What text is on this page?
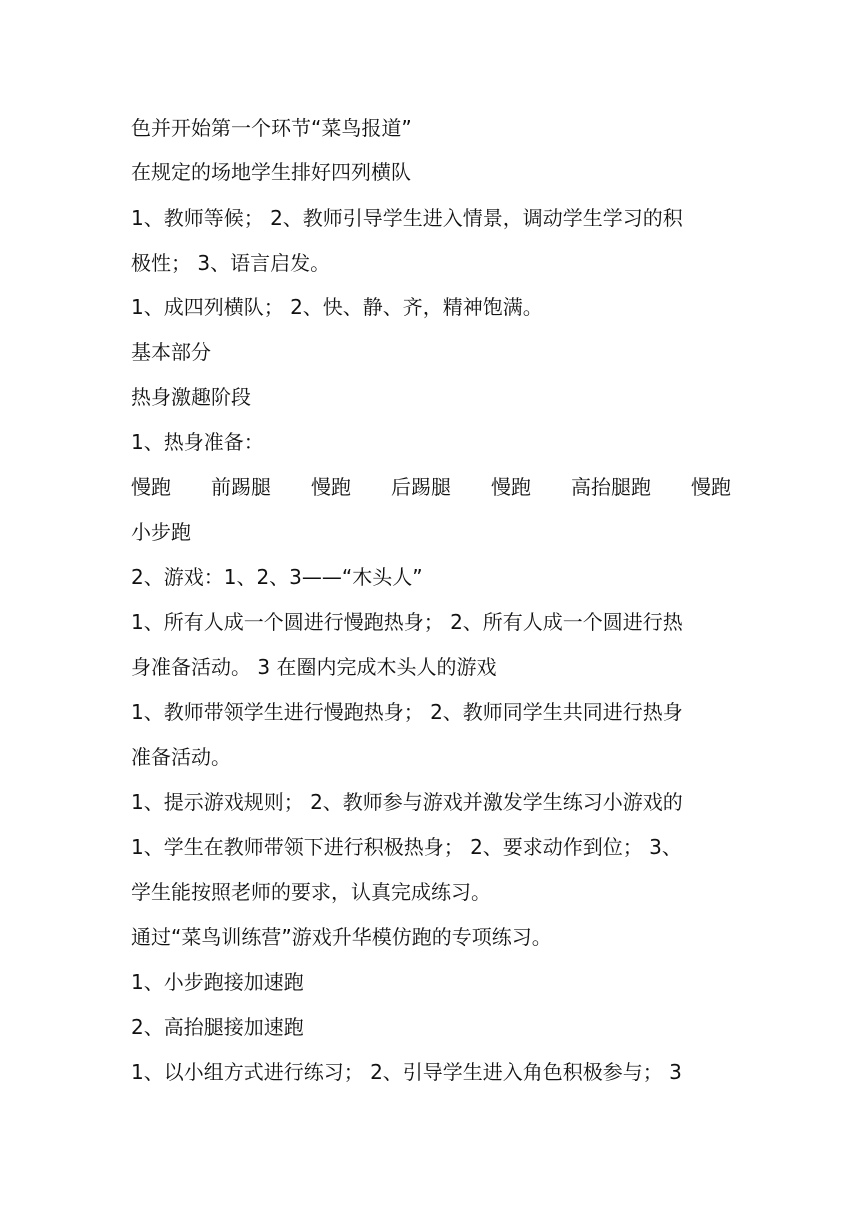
色并开始第一个环节“菜鸟报道”
在规定的场地学生排好四列横队
1、教师等候； 2、教师引导学生进入情景，调动学生学习的积
极性； 3、语言启发。
1、成四列横队； 2、快、静、齐，精神饱满。
基本部分
热身激趣阶段
1、热身准备：
慢跑 前踢腿 慢跑 后踢腿 慢跑 高抬腿跑 慢跑
小步跑
2、游戏：1、2、3——“木头人”
1、所有人成一个圆进行慢跑热身； 2、所有人成一个圆进行热
身准备活动。 3 在圈内完成木头人的游戏
1、教师带领学生进行慢跑热身； 2、教师同学生共同进行热身
准备活动。
1、提示游戏规则； 2、教师参与游戏并激发学生练习小游戏的
1、学生在教师带领下进行积极热身； 2、要求动作到位； 3、
学生能按照老师的要求，认真完成练习。
通过“菜鸟训练营”游戏升华模仿跑的专项练习。
1、小步跑接加速跑
2、高抬腿接加速跑
1、以小组方式进行练习； 2、引导学生进入角色积极参与； 3
